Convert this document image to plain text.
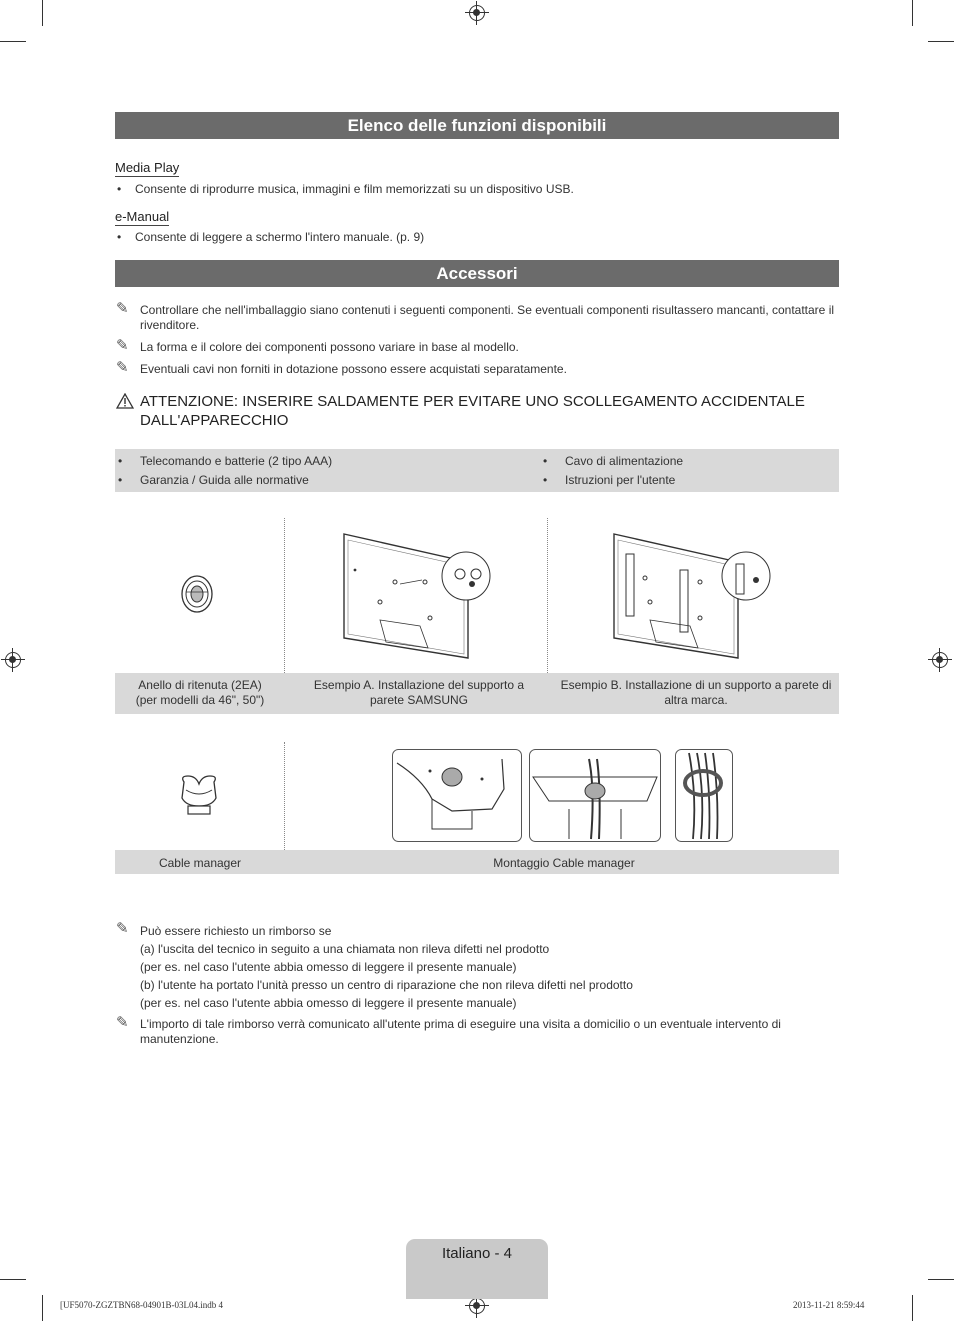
Elenco delle funzioni disponibili
Media Play
• Consente di riprodurre musica, immagini e film memorizzati su un dispositivo USB.
e-Manual
• Consente di leggere a schermo l'intero manuale. (p. 9)
Accessori
✎ Controllare che nell'imballaggio siano contenuti i seguenti componenti. Se eventuali componenti risultassero mancanti, contattare il rivenditore.
✎ La forma e il colore dei componenti possono variare in base al modello.
✎ Eventuali cavi non forniti in dotazione possono essere acquistati separatamente.
ATTENZIONE: INSERIRE SALDAMENTE PER EVITARE UNO SCOLLEGAMENTO ACCIDENTALE DALL'APPARECCHIO
• Telecomando e batterie (2 tipo AAA)
• Garanzia / Guida alle normative
• Cavo di alimentazione
• Istruzioni per l'utente
Anello di ritenuta (2EA)
(per modelli da 46", 50")
Esempio A. Installazione del supporto a parete SAMSUNG
Esempio B. Installazione di un supporto a parete di altra marca.
Cable manager	Montaggio Cable manager
✎ Può essere richiesto un rimborso se
(a) l'uscita del tecnico in seguito a una chiamata non rileva difetti nel prodotto
(per es. nel caso l'utente abbia omesso di leggere il presente manuale)
(b) l'utente ha portato l'unità presso un centro di riparazione che non rileva difetti nel prodotto
(per es. nel caso l'utente abbia omesso di leggere il presente manuale)
✎ L'importo di tale rimborso verrà comunicato all'utente prima di eseguire una visita a domicilio o un eventuale intervento di manutenzione.
Italiano - 4
[UF5070-ZGZTBN68-04901B-03L04.indb 4	2013-11-21 8:59:44
